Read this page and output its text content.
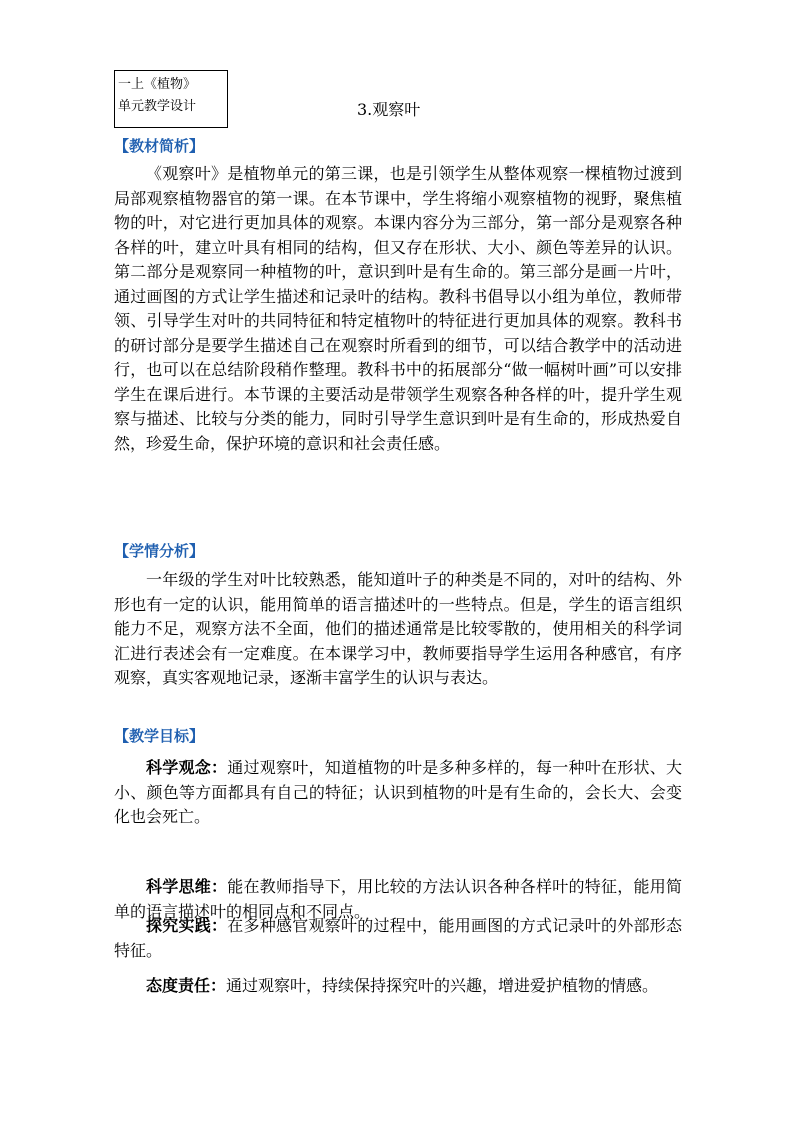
一上《植物》
单元教学设计	3.观察叶
【教材简析】

《观察叶》是植物单元的第三课，也是引领学生从整体观察一棵植物过渡到局部观察植物器官的第一课。在本节课中，学生将缩小观察植物的视野，聚焦植物的叶，对它进行更加具体的观察。本课内容分为三部分，第一部分是观察各种各样的叶，建立叶具有相同的结构，但又存在形状、大小、颜色等差异的认识。第二部分是观察同一种植物的叶，意识到叶是有生命的。第三部分是画一片叶，通过画图的方式让学生描述和记录叶的结构。教科书倡导以小组为单位，教师带领、引导学生对叶的共同特征和特定植物叶的特征进行更加具体的观察。教科书的研讨部分是要学生描述自己在观察时所看到的细节，可以结合教学中的活动进行，也可以在总结阶段稍作整理。教科书中的拓展部分“做一幅树叶画”可以安排学生在课后进行。本节课的主要活动是带领学生观察各种各样的叶，提升学生观察与描述、比较与分类的能力，同时引导学生意识到叶是有生命的，形成热爱自然，珍爱生命，保护环境的意识和社会责任感。

【学情分析】

一年级的学生对叶比较熟悉，能知道叶子的种类是不同的，对叶的结构、外形也有一定的认识，能用简单的语言描述叶的一些特点。但是，学生的语言组织能力不足，观察方法不全面，他们的描述通常是比较零散的，使用相关的科学词汇进行表述会有一定难度。在本课学习中，教师要指导学生运用各种感官，有序观察，真实客观地记录，逐渐丰富学生的认识与表达。

【教学目标】

科学观念：通过观察叶，知道植物的叶是多种多样的，每一种叶在形状、大小、颜色等方面都具有自己的特征；认识到植物的叶是有生命的，会长大、会变化也会死亡。

科学思维：能在教师指导下，用比较的方法认识各种各样叶的特征，能用简单的语言描述叶的相同点和不同点。

探究实践：在多种感官观察叶的过程中，能用画图的方式记录叶的外部形态特征。

态度责任：通过观察叶，持续保持探究叶的兴趣，增进爱护植物的情感。
